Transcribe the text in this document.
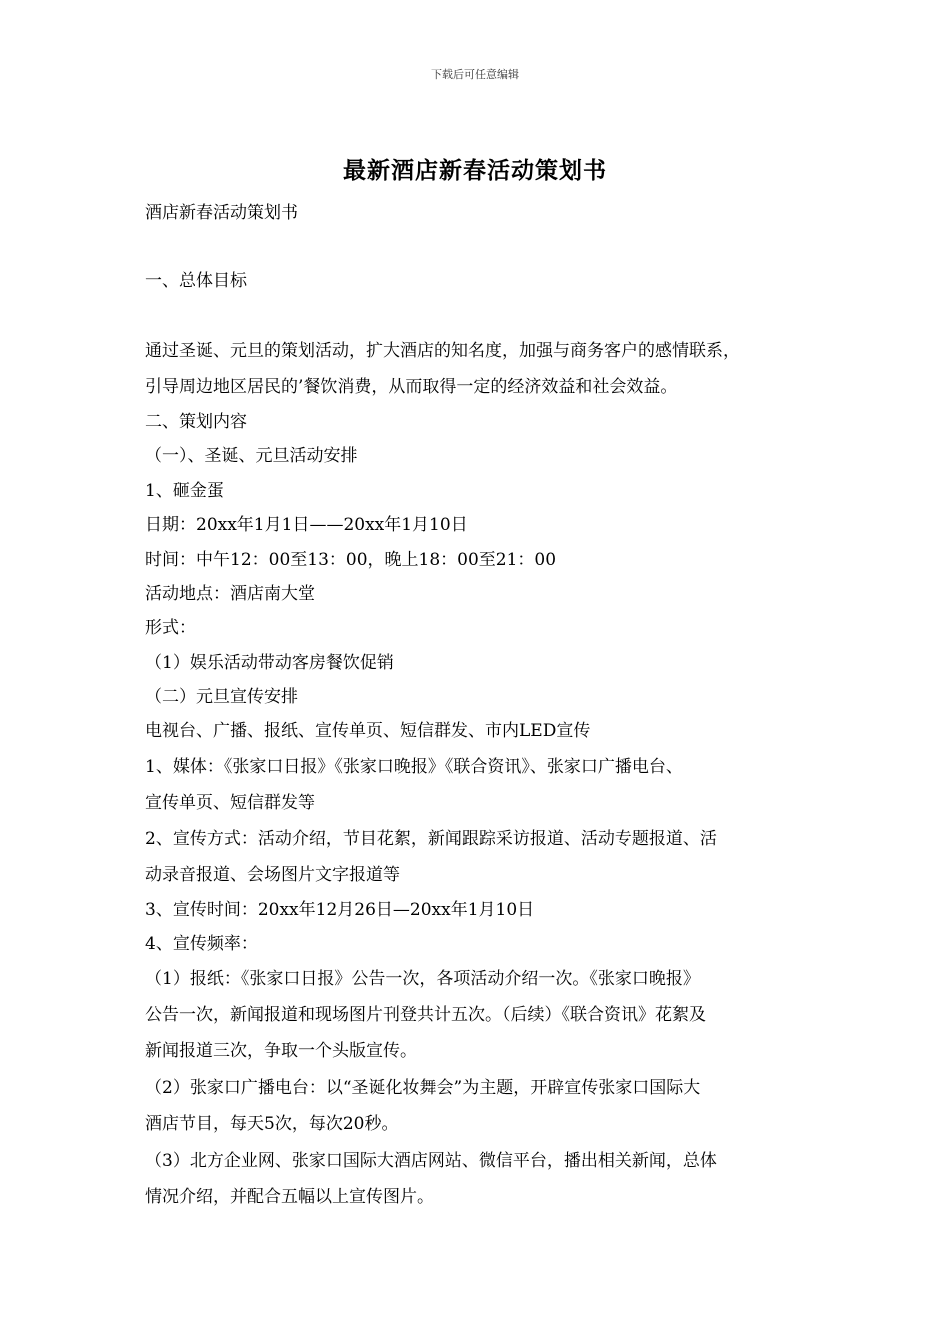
下载后可任意编辑
最新酒店新春活动策划书
酒店新春活动策划书
一、总体目标
通过圣诞、元旦的策划活动，扩大酒店的知名度，加强与商务客户的感情联系，
引导周边地区居民的’餐饮消费，从而取得一定的经济效益和社会效益。
二、策划内容
（一）、圣诞、元旦活动安排
1、砸金蛋
日期：20xx年1月1日——20xx年1月10日
时间：中午12：00至13：00，晚上18：00至21：00
活动地点：酒店南大堂
形式：
（1）娱乐活动带动客房餐饮促销
（二）元旦宣传安排
电视台、广播、报纸、宣传单页、短信群发、市内LED宣传
1、媒体：《张家口日报》《张家口晚报》《联合资讯》、张家口广播电台、
宣传单页、短信群发等
2、宣传方式：活动介绍，节目花絮，新闻跟踪采访报道、活动专题报道、活
动录音报道、会场图片文字报道等
3、宣传时间：20xx年12月26日—20xx年1月10日
4、宣传频率：
（1）报纸：《张家口日报》公告一次，各项活动介绍一次。《张家口晚报》
公告一次，新闻报道和现场图片刊登共计五次。（后续）《联合资讯》花絮及
新闻报道三次，争取一个头版宣传。
（2）张家口广播电台：以“圣诞化妆舞会”为主题，开辟宣传张家口国际大
酒店节目，每天5次，每次20秒。
（3）北方企业网、张家口国际大酒店网站、微信平台，播出相关新闻，总体
情况介绍，并配合五幅以上宣传图片。
